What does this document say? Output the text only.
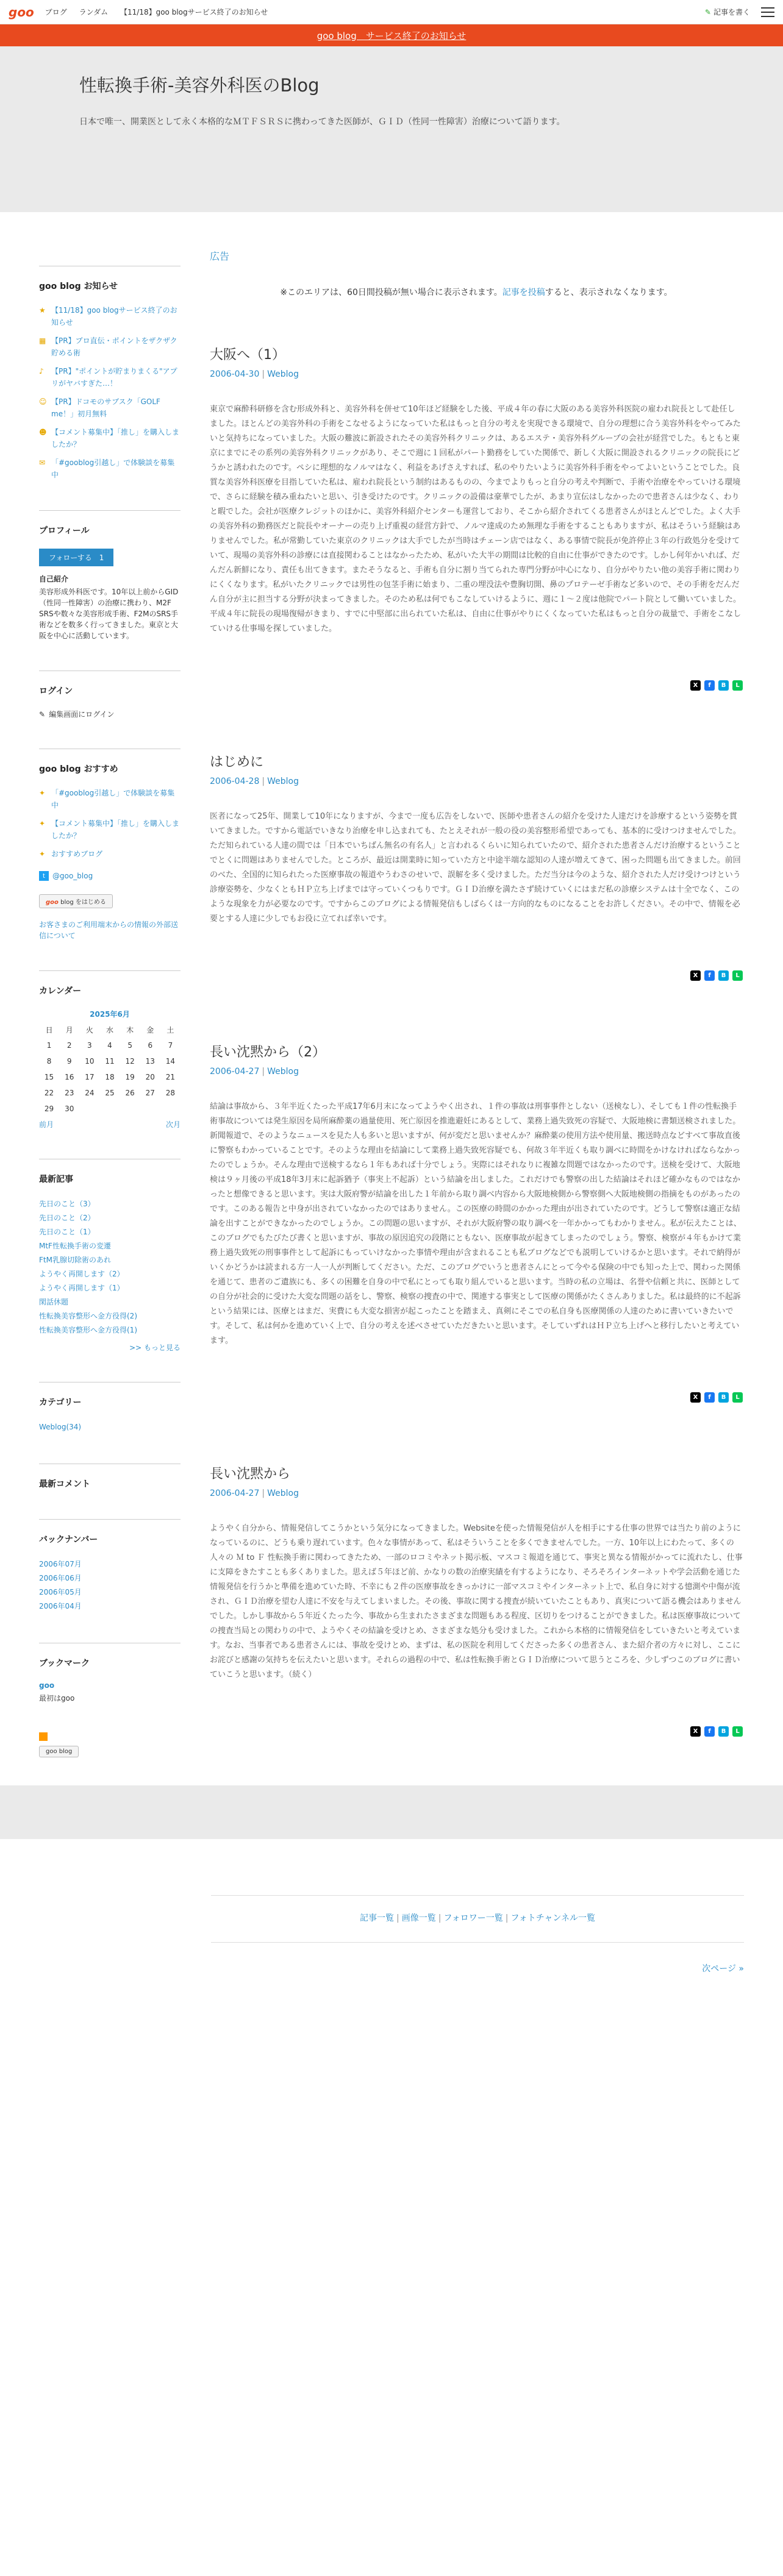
goo ブログ ランダム 【11/18】goo blogサービス終了のお知らせ	✎ 記事を書く
goo blog　サービス終了のお知らせ
性転換手術-美容外科医のBlog

日本で唯一、開業医として永く本格的なＭＴＦＳＲＳに携わってきた医師が、ＧＩＤ（性同一性障害）治療について語ります。

goo blog お知らせ
★ 【11/18】goo blogサービス終了のお知らせ
▦ 【PR】プロ直伝・ポイントをザクザク貯める術
♪	【PR】"ポイントが貯まりまくる"アプリがヤバすぎた…！
☺ 【PR】ドコモのサブスク「GOLF me！」初月無料
☻ 【コメント募集中】「推し」を購入しましたか？
✉ 「#gooblog引越し」で体験談を募集中
プロフィール
フォローする　1
自己紹介
美容形成外科医です。10年以上前からGID（性同一性障害）の治療に携わり、M2F SRSや数々な美容形成手術、F2MのSRS手術などを数多く行ってきました。東京と大阪を中心に活動しています。
ログイン
✎ 編集画面にログイン
goo blog おすすめ
✦ 「#gooblog引越し」で体験談を募集中
✦ 【コメント募集中】「推し」を購入しましたか？
✦ おすすめブログ
t	@goo_blog
goo blog をはじめる
お客さまのご利用端末からの情報の外部送信について
カレンダー
2025年6月
日	月	火	水	木	金	土
1	2	3	4	5	6	7
8	9	10	11	12	13	14
15	16	17	18	19	20	21
22	23	24	25	26	27	28
29	30					
前月	次月
最新記事
先日のこと（3）
先日のこと（2）
先日のこと（1）
MtF性転換手術の変遷
FtM乳腺切除術のあれ
ようやく再開します（2）
ようやく再開します（1）
閑話休題
性転換美容整形へ金方役得(2)
性転換美容整形へ金方役得(1)
>> もっと見る
カテゴリー
Weblog(34)
最新コメント
バックナンバー
2006年07月
2006年06月
2006年05月
2006年04月
ブックマーク
goo
最初はgoo
goo blog
広告
※このエリアは、60日間投稿が無い場合に表示されます。記事を投稿すると、表示されなくなります。
大阪へ（1）
2006-04-30 | Weblog
東京で麻酔科研修を含む形成外科と、美容外科を併せて10年ほど経験をした後、平成４年の春に大阪のある美容外科医院の雇われ院長として赴任しました。ほとんどの美容外科の手術をこなせるようになっていた私はもっと自分の考えを実現できる環境で、自分の理想に合う美容外科をやってみたいと気持ちになっていました。大阪の難波に新設されたその美容外科クリニックは、あるエステ・美容外科グループの会社が経営でした。もともと東京にまでにその系列の美容外科クリニックがあり、そこで週に１回私がパート勤務をしていた関係で、新しく大阪に開設されるクリニックの院長にどうかと誘われたのです。ペシに理想的なノルマはなく、利益をあげさえすれば、私のやりたいように美容外科手術をやってよいということでした。良質な美容外科医療を目指していた私は、雇われ院長という制約はあるものの、今までよりもっと自分の考えや判断で、手術や治療をやっていける環境で、さらに経験を積み重ねたいと思い、引き受けたのです。クリニックの設備は豪華でしたが、あまり宣伝はしなかったので患者さんは少なく、わりと暇でした。会社が医療クレジットのほかに、美容外科紹介センターも運営しており、そこから紹介されてくる患者さんがほとんどでした。よく大手の美容外科の勤務医だと院長やオーナーの売り上げ重視の経営方針で、ノルマ達成のため無理な手術をすることもありますが、私はそういう経験はありませんでした。私が常勤していた東京のクリニックは大手でしたが当時はチェーン店ではなく、ある事情で院長が免許停止３年の行政処分を受けていて、現場の美容外科の診療には直接関わることはなかったため、私がいた大半の期間は比較的自由に仕事ができたのです。しかし何年かいれば、だんだん新鮮になり、責任も出てきます。またそうなると、手術も自分に割り当てられた専門分野が中心になり、自分がやりたい他の美容手術に関わりにくくなります。私がいたクリニックでは男性の包茎手術に始まり、二重の埋没法や豊胸切開、鼻のプロテーゼ手術など多いので、その手術をだんだん自分が主に担当する分野が決まってきました。そのため私は何でもこなしていけるように、週に１〜２度は他院でパート院として働いていました。平成４年に院長の現場復帰がきまり、すでに中堅部に出られていた私は、自由に仕事がやりにくくなっていた私はもっと自分の裁量で、手術をこなしていける仕事場を探していました。
X	f	B	L
はじめに
2006-04-28 | Weblog
医者になって25年、開業して10年になりますが、今まで一度も広告をしないで、医師や患者さんの紹介を受けた人達だけを診療するという姿勢を貫いてきました。ですから電話でいきなり治療を申し込まれても、たとえそれが一般の役の美容整形希望であっても、基本的に受けつけませんでした。ただ知られている人達の間では「日本でいちばん無名の有名人」と言われるくらいに知られていたので、紹介された患者さんだけ治療するということでとくに問題はありませんでした。ところが、最近は開業時に知っていた方と中途半端な認知の人達が増えてきて、困った問題も出てきました。前回のべた、全国的に知られたった医療事故の報道やうわさのせいで、誤解を多く受けました。ただ当分は今のような、紹介された人だけ受けつけという診療姿勢を、少なくともＨＰ立ち上げまでは守っていくつもりです。ＧＩＤ治療を満たさず続けていくにはまだ私の診療システムは十全でなく、このような現象を力が必要なのです。ですからこのブログによる情報発信もしばらくは一方向的なものになることをお許しください。その中で、情報を必要とする人達に少しでもお役に立てれば幸いです。
X	f	B	L
長い沈黙から（2）
2006-04-27 | Weblog
結論は事故から、３年半近くたった平成17年6月末になってようやく出され、１件の事故は刑事事件としない（送検なし）、そしても１件の性転換手術事故については発生原因を局所麻酔薬の過量使用、死亡原因を推進避妊にあるとして、業務上過失致死の容疑で、大阪地検に書類送検されました。新聞報道で、そのようなニュースを見た人も多いと思いますが、何が変だと思いませんか？麻酔薬の使用方法や使用量、搬送時点などすべて事故直後に警察もわかっていることです。そのような理由を結論にして業務上過失致死容疑でも、何故３年半近くも取り調べに時間をかけなければならなかったのでしょうか。そんな理由で送検するなら１年もあれば十分でしょう。実際にはそれなりに複雑な問題ではなかったのです。送検を受けて、大阪地検は９ヶ月後の平成18年3月末に起訴猶予（事実上不起訴）という結論を出しました。これだけでも警察の出した結論はそれほど確かなものではなかったと想像できると思います。実は大阪府警が結論を出した１年前から取り調べ内容から大阪地検側から警察側へ大阪地検側の指摘をものがあったのです。このある報告と中身が出されていなかったのではありません。この医療の時間のかかった理由が出されていたのです。どうして警察は適正な結論を出すことができなかったのでしょうか。この問題の思いますが、それが大阪府警の取り調べを一年かかってもわかりません。私が伝えたことは、このブログでもたびたび書くと思いますが、事故の原因追究の段階にともない、医療事故が起きてしまったのでしょう。警察、検察が４年もかけて業務上過失致死の刑事事件として起訴にもっていけなかった事情や理由が含まれることも私ブログなどでも説明していけるかと思います。それで納得がいくかどうかは読まれる方一人一人が判断してください。ただ、このブログでいうと患者さんにとって今やる保険の中でも知った上で、関わった関係を通じて、患者のご遺族にも、多くの困難を自身の中で私にとっても取り組んでいると思います。当時の私の立場は、名誉や信頼と共に、医師としての自分が社会的に受けた大変な問題の話をし、警察、検察の捜査の中で、関連する事実として医療の関係がたくさんありました。私は最終的に不起訴という結果には、医療とはまだ、実費にも大変な損害が起こったことを踏まえ、真剣にそこでの私自身も医療関係の人達のために書いていきたいです。そして、私は何かを進めていく上で、自分の考えを述べさせていただきたいと思います。そしていずれはＨＰ立ち上げへと移行したいと考えています。
X	f	B	L
長い沈黙から
2006-04-27 | Weblog
ようやく自分から、情報発信してこうかという気分になってきました。Websiteを使った情報発信が人を相手にする仕事の世界では当たり前のようになっているのに、どうも乗り遅れています。色々な事情があって、私はそういうことを多くできませんでした。一方、10年以上にわたって、多くの人々の Ｍ to Ｆ 性転換手術に関わってきたため、一部のロコミやネット掲示板、マスコミ報道を通じて、事実と異なる情報がかってに流れたし、仕事に支障をきたすことも多くありました。思えば５年ほど前、かなりの数の治療実績を有するようになり、そろそろインターネットや学会活動を通じた情報発信を行うかと準備を進めていた時、不幸にも２件の医療事故をきっかけに一部マスコミやインターネット上で、私自身に対する憶測や中傷が流され、ＧＩＤ治療を望む人達に不安を与えてしまいました。その後、事故に関する捜査が続いていたこともあり、真実について語る機会はありませんでした。しかし事故から５年近くたった今、事故から生まれたさまざまな問題もある程度、区切りをつけることができました。私は医療事故についての捜査当局との関わりの中で、ようやくその結論を受けとめ、さまざまな処分も受けました。これから本格的に情報発信をしていきたいと考えています。なお、当事者である患者さんには、事故を受けとめ、まずは、私の医院を利用してくださった多くの患者さん、また紹介者の方々に対し、ここにお詫びと感謝の気持ちを伝えたいと思います。それらの過程の中で、私は性転換手術とＧＩＤ治療について思うところを、少しずつこのブログに書いていこうと思います。（続く）
X	f	B	L
記事一覧 | 画像一覧 | フォロワー一覧 | フォトチャンネル一覧
次ページ »
